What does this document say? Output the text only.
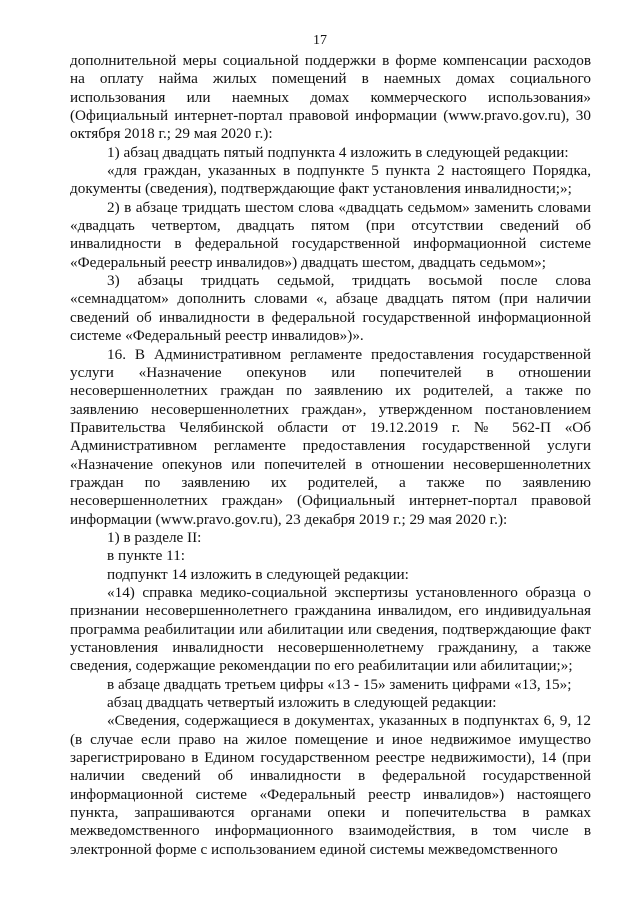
17

дополнительной меры социальной поддержки в форме компенсации расходов на оплату найма жилых помещений в наемных домах социального использования или наемных домах коммерческого использования» (Официальный интернет-портал правовой информации (www.pravo.gov.ru), 30 октября 2018 г.; 29 мая 2020 г.):

1) абзац двадцать пятый подпункта 4 изложить в следующей редакции:

«для граждан, указанных в подпункте 5 пункта 2 настоящего Порядка, документы (сведения), подтверждающие факт установления инвалидности;»;

2) в абзаце тридцать шестом слова «двадцать седьмом» заменить словами «двадцать четвертом, двадцать пятом (при отсутствии сведений об инвалидности в федеральной государственной информационной системе «Федеральный реестр инвалидов») двадцать шестом, двадцать седьмом»;

3) абзацы тридцать седьмой, тридцать восьмой после слова «семнадцатом» дополнить словами «, абзаце двадцать пятом (при наличии сведений об инвалидности в федеральной государственной информационной системе «Федеральный реестр инвалидов»)».

16. В Административном регламенте предоставления государственной услуги «Назначение опекунов или попечителей в отношении несовершеннолетних граждан по заявлению их родителей, а также по заявлению несовершеннолетних граждан», утвержденном постановлением Правительства Челябинской области от 19.12.2019 г. № 562-П «Об Административном регламенте предоставления государственной услуги «Назначение опекунов или попечителей в отношении несовершеннолетних граждан по заявлению их родителей, а также по заявлению несовершеннолетних граждан» (Официальный интернет-портал правовой информации (www.pravo.gov.ru), 23 декабря 2019 г.; 29 мая 2020 г.):

1) в разделе II:

в пункте 11:

подпункт 14 изложить в следующей редакции:

«14) справка медико-социальной экспертизы установленного образца о признании несовершеннолетнего гражданина инвалидом, его индивидуальная программа реабилитации или абилитации или сведения, подтверждающие факт установления инвалидности несовершеннолетнему гражданину, а также сведения, содержащие рекомендации по его реабилитации или абилитации;»;

в абзаце двадцать третьем цифры «13 - 15» заменить цифрами «13, 15»;

абзац двадцать четвертый изложить в следующей редакции:

«Сведения, содержащиеся в документах, указанных в подпунктах 6, 9, 12 (в случае если право на жилое помещение и иное недвижимое имущество зарегистрировано в Едином государственном реестре недвижимости), 14 (при наличии сведений об инвалидности в федеральной государственной информационной системе «Федеральный реестр инвалидов») настоящего пункта, запрашиваются органами опеки и попечительства в рамках межведомственного информационного взаимодействия, в том числе в электронной форме с использованием единой системы межведомственного
